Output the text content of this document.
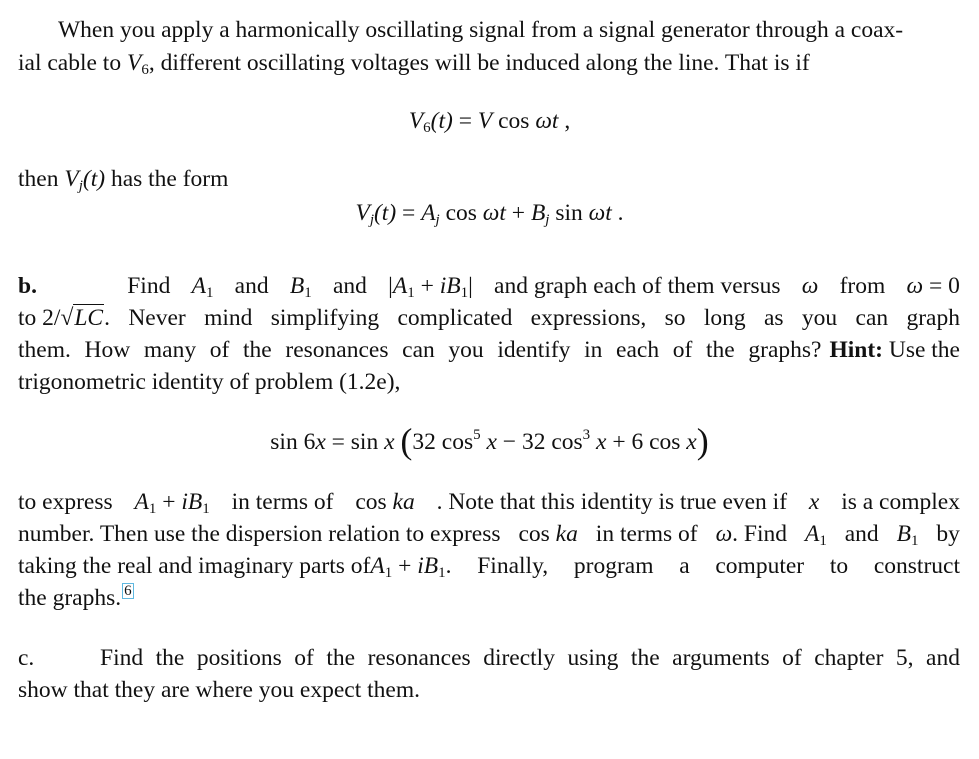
When you apply a harmonically oscillating signal from a signal generator through a coax-

ial cable to $V_6$, different oscillating voltages will be induced along the line. That is if

$V_6(t) = V$ cos ωt ,

then $V_j(t)$ has the form

$V_j(t) = A_j$ $\cos \omega t + B_j$ sin ωt .

b.	Find $A_1$ and $B_1$ and $|A_1 + iB_1|$ and graph each of them versus ω from ω = 0

to 2/√LC . Never mind simplifying complicated expressions, so long as you can graph

them. How many of the resonances can you identify in each of the graphs? Hint: Use the

trigonometric identity of problem (1.2e),

sin 6x = sin x (32 $\cos^5 x - 32$ $\cos^3 x + 6$ cos x)

to express $A_1 + iB_1$ in terms of cos ka . Note that this identity is true even if x is a complex

number. Then use the dispersion relation to express cos ka in terms of ω. Find $A_1$ and $B_1$ by

taking the real and imaginary parts of $A_1 + iB_1$ . Finally, program a computer to construct

the graphs. 6

c.	Find the positions of the resonances directly using the arguments of chapter 5, and

show that they are where you expect them.
